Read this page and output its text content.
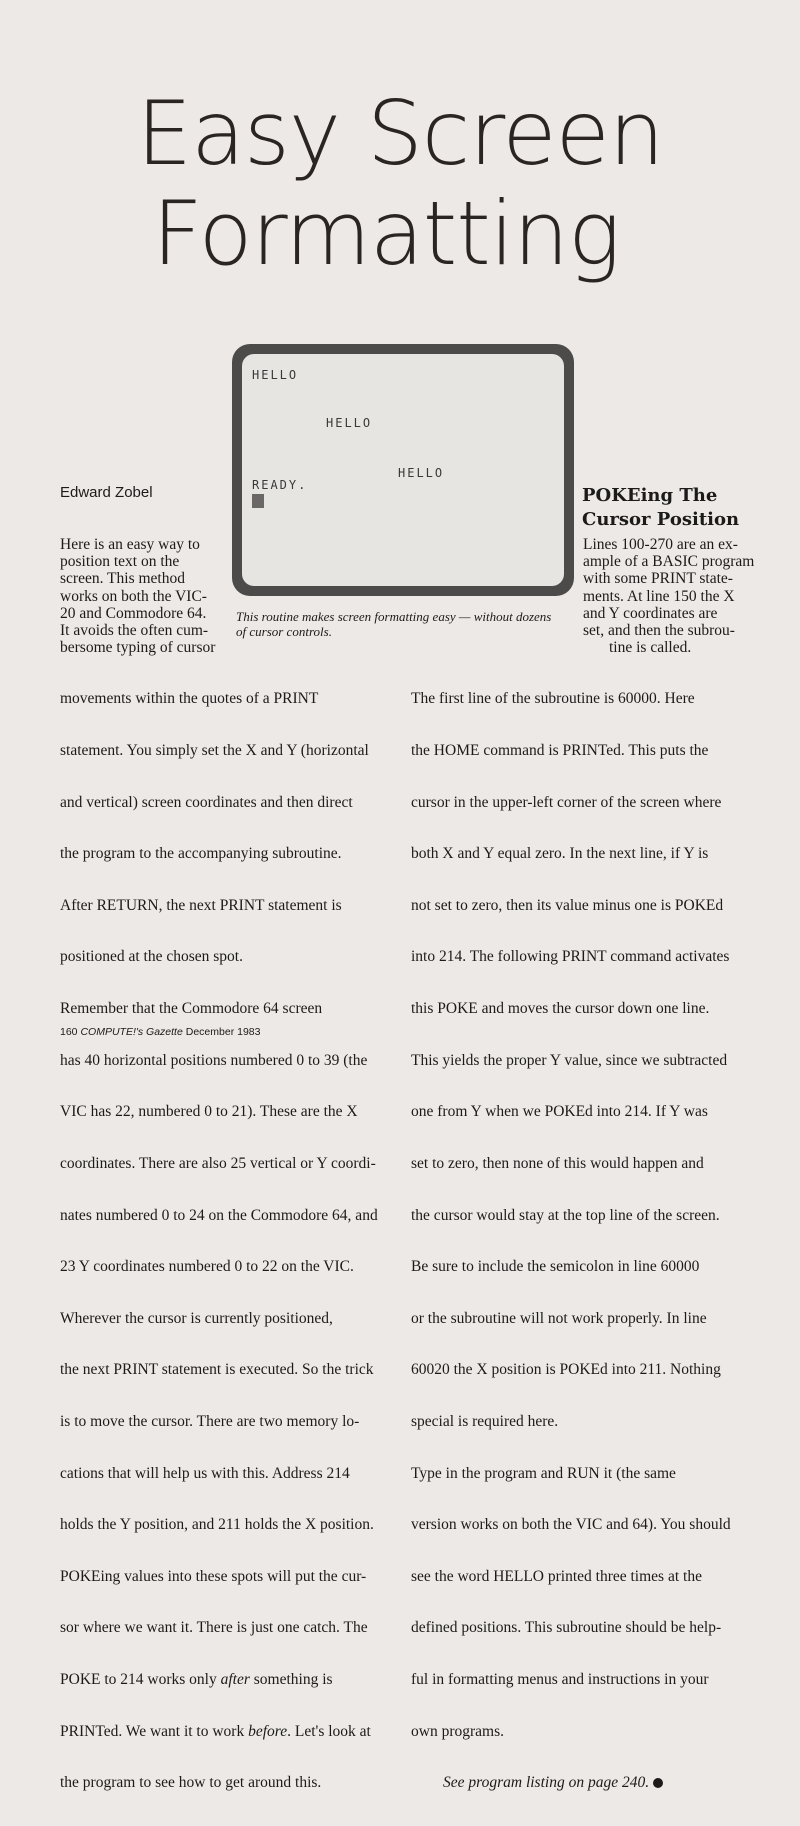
Easy Screen
Formatting
HELLO
HELLO
HELLO
READY.

This routine makes screen formatting easy — without dozens
of cursor controls.

Edward Zobel	POKEing The
Cursor Position
Here is an easy way to
position text on the
screen. This method
works on both the VIC-
20 and Commodore 64.
It avoids the often cum-
bersome typing of cursor

movements within the quotes of a PRINT

statement. You simply set the X and Y (horizontal

and vertical) screen coordinates and then direct

the program to the accompanying subroutine.

After RETURN, the next PRINT statement is

positioned at the chosen spot.

Remember that the Commodore 64 screen

has 40 horizontal positions numbered 0 to 39 (the

VIC has 22, numbered 0 to 21). These are the X

coordinates. There are also 25 vertical or Y coordi-

nates numbered 0 to 24 on the Commodore 64, and

23 Y coordinates numbered 0 to 22 on the VIC.

Wherever the cursor is currently positioned,

the next PRINT statement is executed. So the trick

is to move the cursor. There are two memory lo-

cations that will help us with this. Address 214

holds the Y position, and 211 holds the X position.

POKEing values into these spots will put the cur-

sor where we want it. There is just one catch. The

POKE to 214 works only after something is

PRINTed. We want it to work before. Let's look at

the program to see how to get around this.

Lines 100-270 are an ex-
ample of a BASIC program
with some PRINT state-
ments. At line 150 the X
and Y coordinates are
set, and then the subrou-
tine is called.

The first line of the subroutine is 60000. Here

the HOME command is PRINTed. This puts the

cursor in the upper-left corner of the screen where

both X and Y equal zero. In the next line, if Y is

not set to zero, then its value minus one is POKEd

into 214. The following PRINT command activates

this POKE and moves the cursor down one line.

This yields the proper Y value, since we subtracted

one from Y when we POKEd into 214. If Y was

set to zero, then none of this would happen and

the cursor would stay at the top line of the screen.

Be sure to include the semicolon in line 60000

or the subroutine will not work properly. In line

60020 the X position is POKEd into 211. Nothing

special is required here.

Type in the program and RUN it (the same

version works on both the VIC and 64). You should

see the word HELLO printed three times at the

defined positions. This subroutine should be help-

ful in formatting menus and instructions in your

own programs.

See program listing on page 240.

160 COMPUTE!'s Gazette December 1983
